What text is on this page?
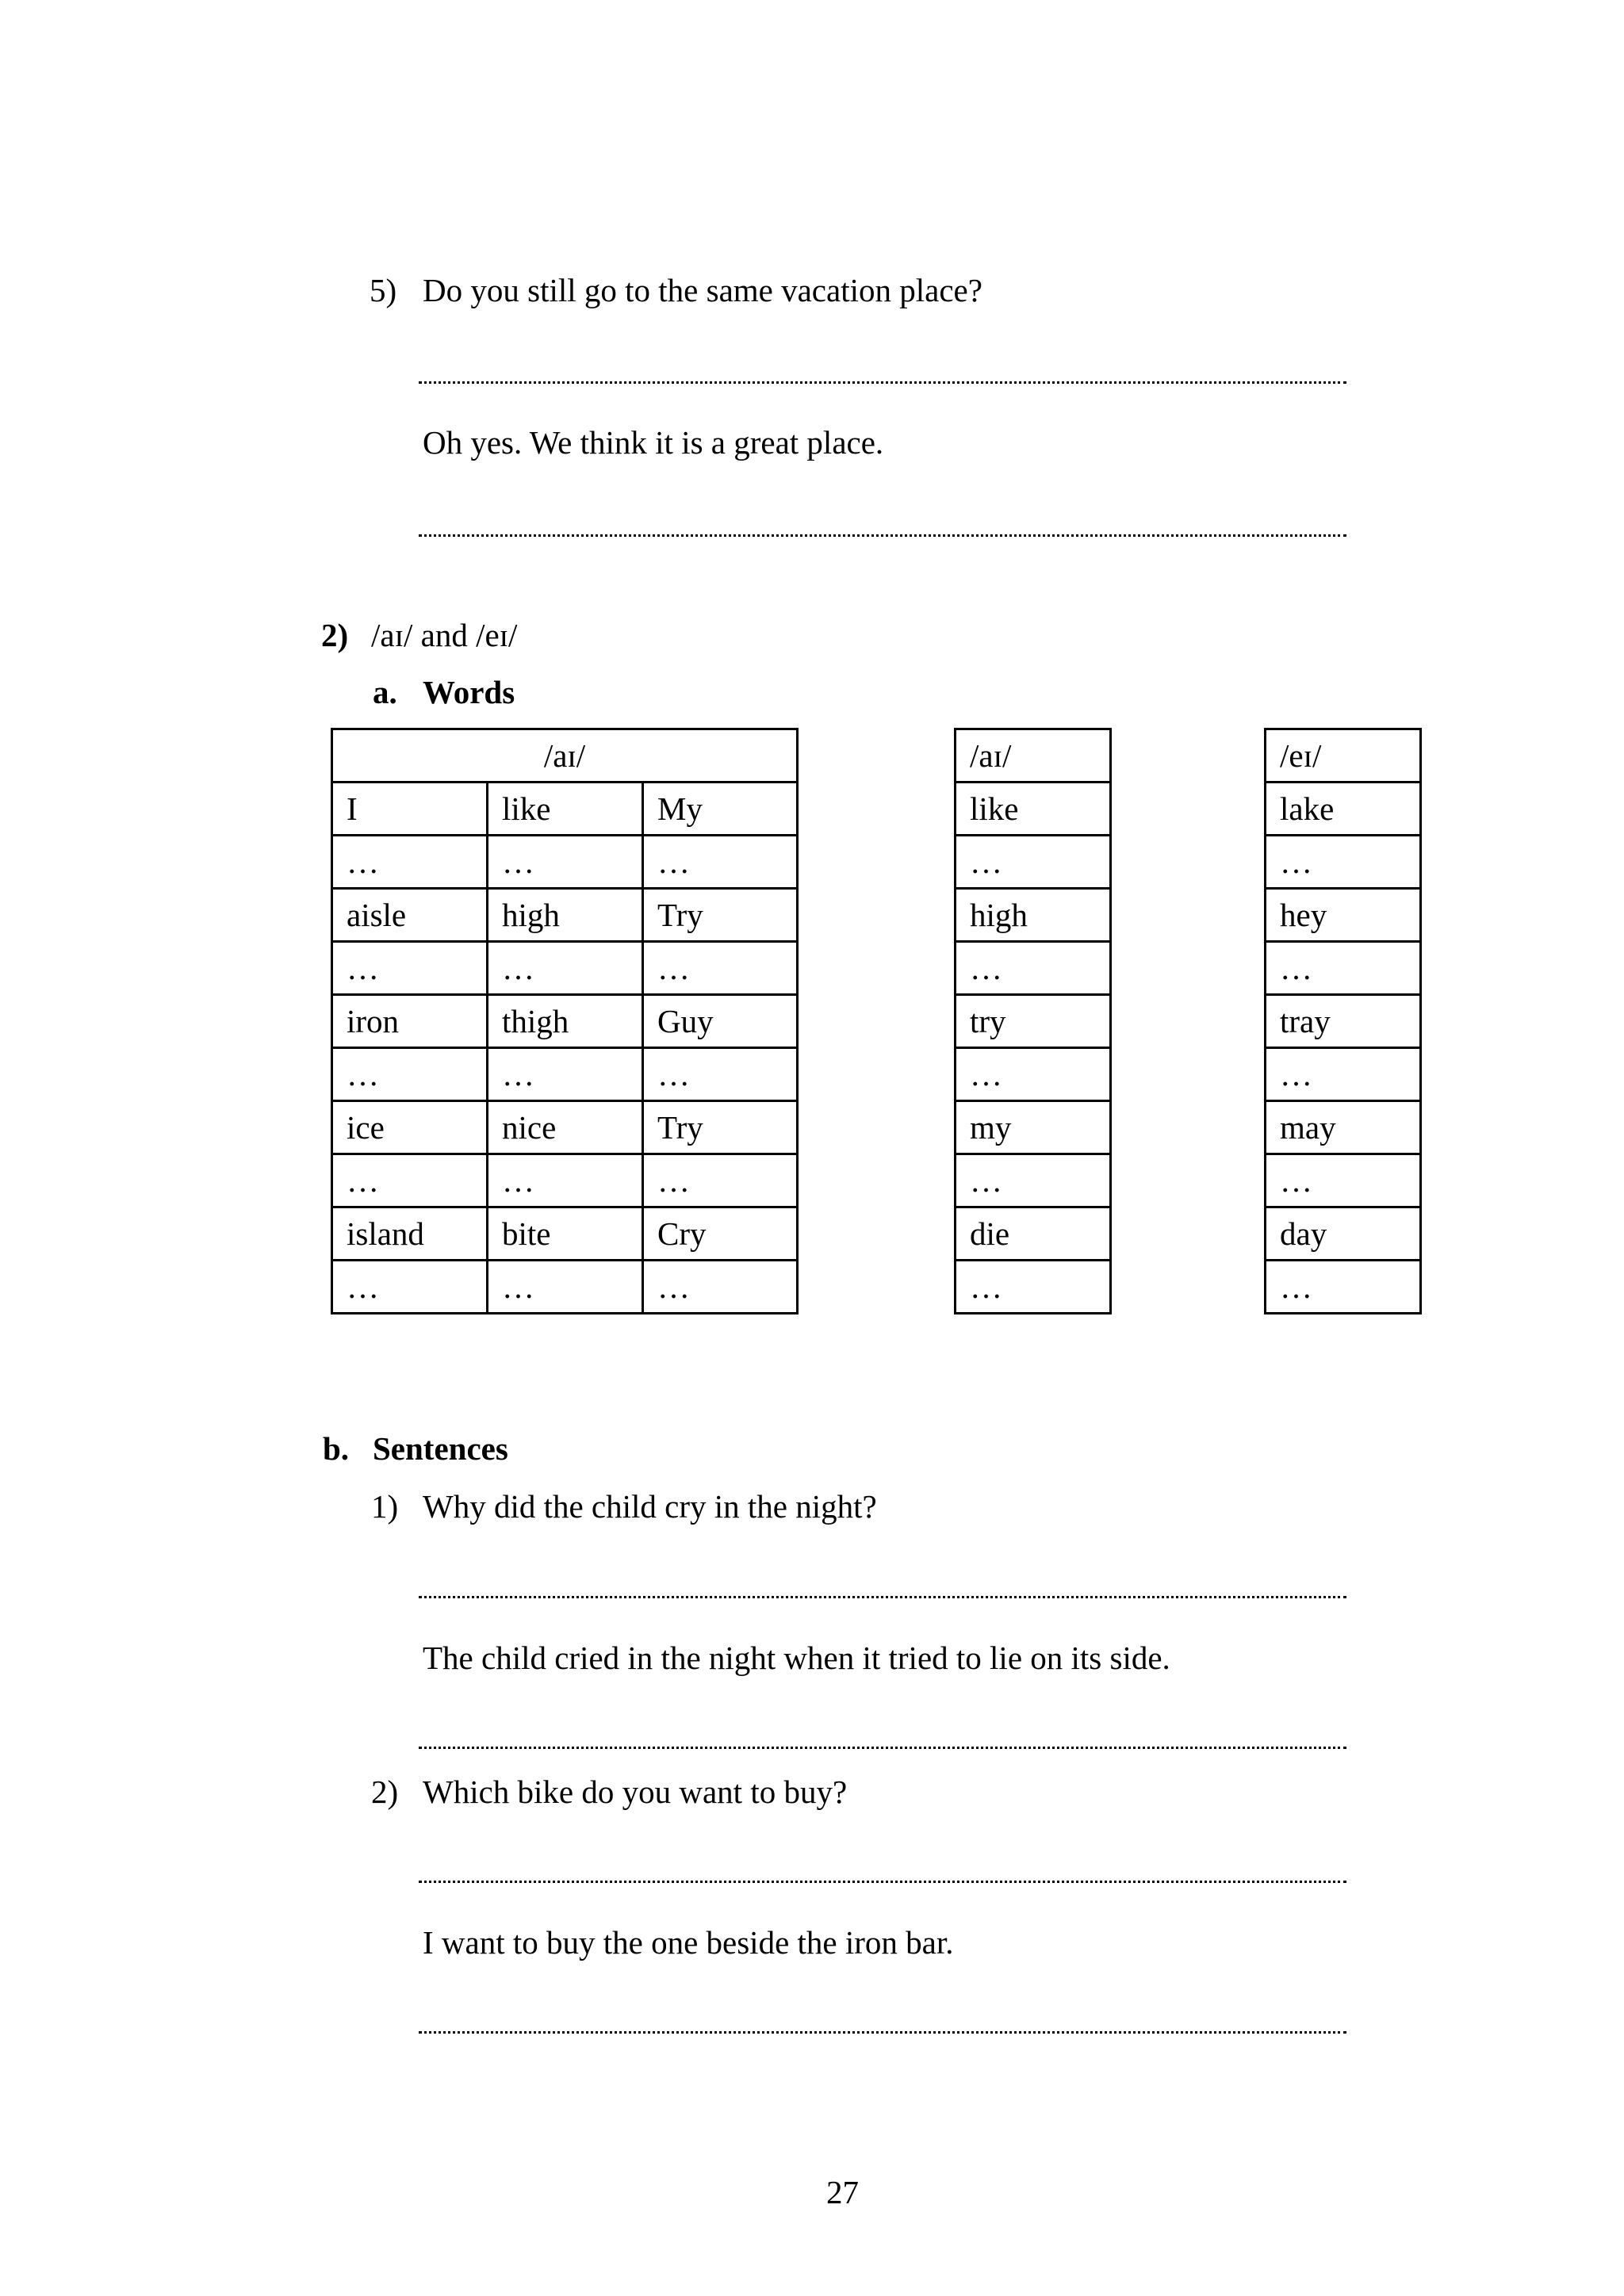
5) Do you still go to the same vacation place?
Oh yes. We think it is a great place.
2) /aɪ/ and /eɪ/
a. Words
/aɪ/		
I	like	My
…	…	…
aisle	high	Try
…	…	…
iron	thigh	Guy
…	…	…
ice	nice	Try
…	…	…
island	bite	Cry
…	…	…
/aɪ/
like
…
high
…
try
…
my
…
die
…
/eɪ/
lake
…
hey
…
tray
…
may
…
day
…
b. Sentences
1) Why did the child cry in the night?
The child cried in the night when it tried to lie on its side.
2) Which bike do you want to buy?
I want to buy the one beside the iron bar.
27
